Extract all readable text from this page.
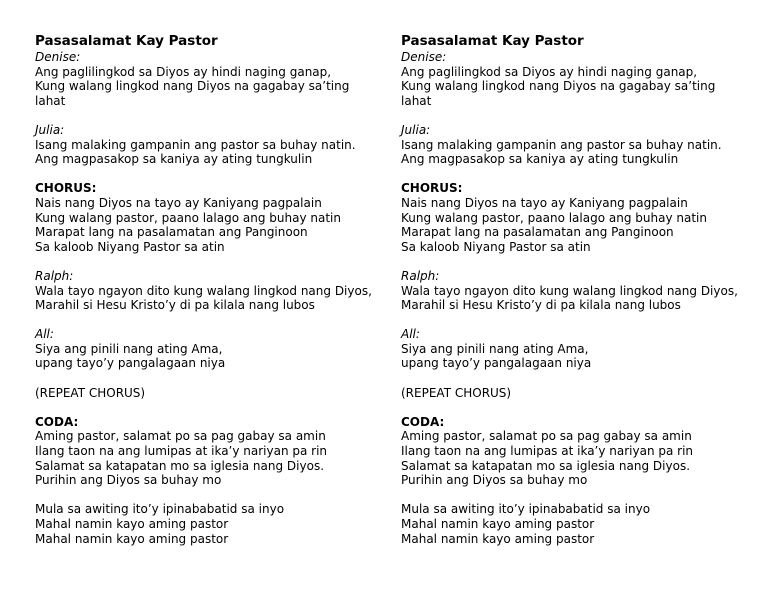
Pasasalamat Kay Pastor
Denise:
Ang paglilingkod sa Diyos ay hindi naging ganap,
Kung walang lingkod nang Diyos na gagabay sa’ting lahat
Julia:
Isang malaking gampanin ang pastor sa buhay natin.
Ang magpasakop sa kaniya ay ating tungkulin
CHORUS:
Nais nang Diyos na tayo ay Kaniyang pagpalain
Kung walang pastor, paano lalago ang buhay natin
Marapat lang na pasalamatan ang Panginoon
Sa kaloob Niyang Pastor sa atin
Ralph:
Wala tayo ngayon dito kung walang lingkod nang Diyos,
Marahil si Hesu Kristo’y di pa kilala nang lubos
All:
Siya ang pinili nang ating Ama,
upang tayo’y pangalagaan niya
(REPEAT CHORUS)
CODA:
Aming pastor, salamat po sa pag gabay sa amin
Ilang taon na ang lumipas at ika’y nariyan pa rin
Salamat sa katapatan mo sa iglesia nang Diyos.
Purihin ang Diyos sa buhay mo
Mula sa awiting ito’y ipinababatid sa inyo
Mahal namin kayo aming pastor
Mahal namin kayo aming pastor
Pasasalamat Kay Pastor
Denise:
Ang paglilingkod sa Diyos ay hindi naging ganap,
Kung walang lingkod nang Diyos na gagabay sa’ting lahat
Julia:
Isang malaking gampanin ang pastor sa buhay natin.
Ang magpasakop sa kaniya ay ating tungkulin
CHORUS:
Nais nang Diyos na tayo ay Kaniyang pagpalain
Kung walang pastor, paano lalago ang buhay natin
Marapat lang na pasalamatan ang Panginoon
Sa kaloob Niyang Pastor sa atin
Ralph:
Wala tayo ngayon dito kung walang lingkod nang Diyos,
Marahil si Hesu Kristo’y di pa kilala nang lubos
All:
Siya ang pinili nang ating Ama,
upang tayo’y pangalagaan niya
(REPEAT CHORUS)
CODA:
Aming pastor, salamat po sa pag gabay sa amin
Ilang taon na ang lumipas at ika’y nariyan pa rin
Salamat sa katapatan mo sa iglesia nang Diyos.
Purihin ang Diyos sa buhay mo
Mula sa awiting ito’y ipinababatid sa inyo
Mahal namin kayo aming pastor
Mahal namin kayo aming pastor
